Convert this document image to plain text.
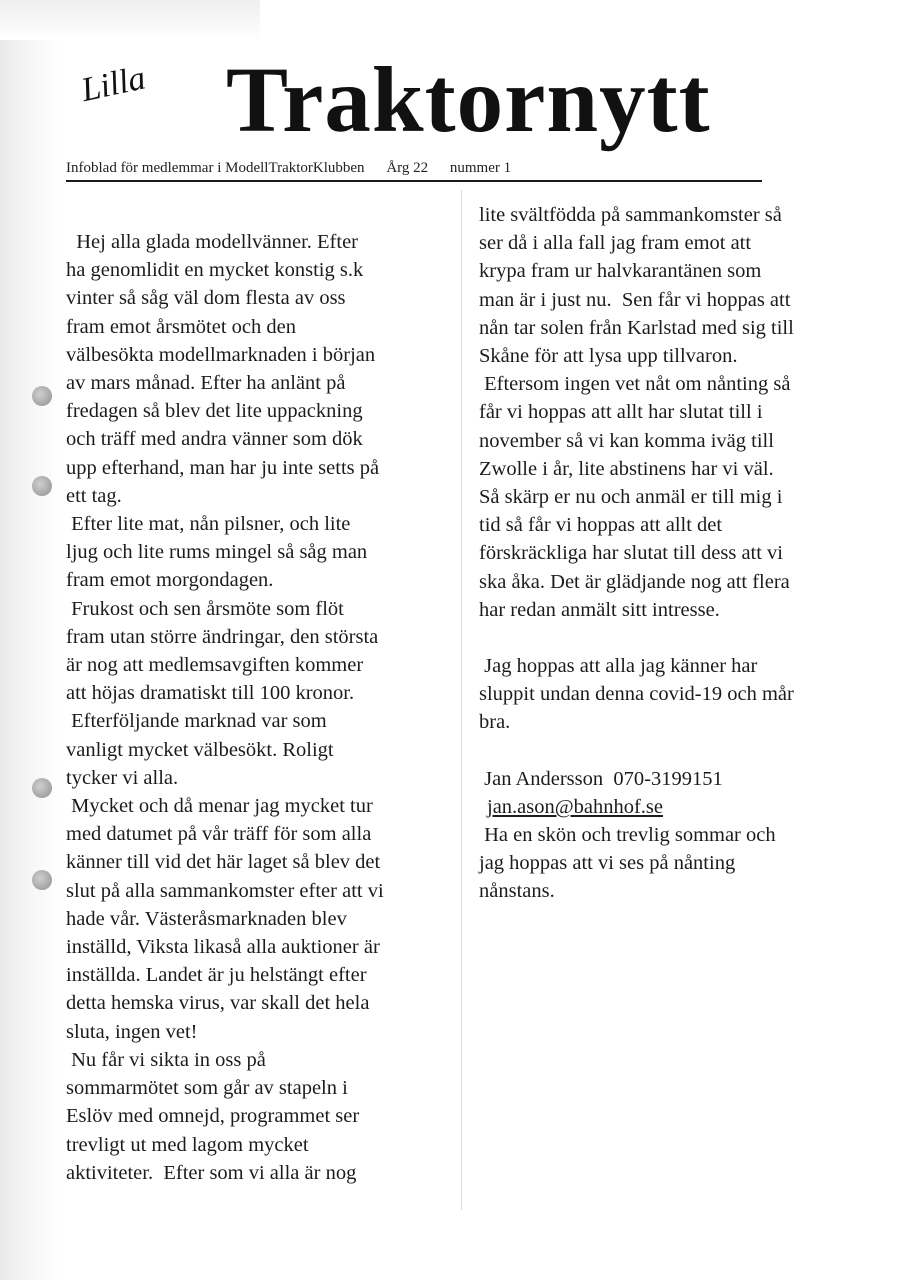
Lilla Traktornytt
Infoblad för medlemmar i ModellTraktorKlubben Årg 22 nummer 1

Hej alla glada modellvänner. Efter

ha genomlidit en mycket konstig s.k

vinter så såg väl dom flesta av oss

fram emot årsmötet och den

välbesökta modellmarknaden i början

av mars månad. Efter ha anlänt på

fredagen så blev det lite uppackning

och träff med andra vänner som dök

upp efterhand, man har ju inte setts på

ett tag.

Efter lite mat, nån pilsner, och lite

ljug och lite rums mingel så såg man

fram emot morgondagen.

Frukost och sen årsmöte som flöt

fram utan större ändringar, den största

är nog att medlemsavgiften kommer

att höjas dramatiskt till 100 kronor.

Efterföljande marknad var som

vanligt mycket välbesökt. Roligt

tycker vi alla.

Mycket och då menar jag mycket tur

med datumet på vår träff för som alla

känner till vid det här laget så blev det

slut på alla sammankomster efter att vi

hade vår. Västeråsmarknaden blev

inställd, Viksta likaså alla auktioner är

inställda. Landet är ju helstängt efter

detta hemska virus, var skall det hela

sluta, ingen vet!

Nu får vi sikta in oss på

sommarmötet som går av stapeln i

Eslöv med omnejd, programmet ser

trevligt ut med lagom mycket

aktiviteter.  Efter som vi alla är nog

lite svältfödda på sammankomster så

ser då i alla fall jag fram emot att

krypa fram ur halvkarantänen som

man är i just nu.  Sen får vi hoppas att

nån tar solen från Karlstad med sig till

Skåne för att lysa upp tillvaron.

Eftersom ingen vet nåt om nånting så

får vi hoppas att allt har slutat till i

november så vi kan komma iväg till

Zwolle i år, lite abstinens har vi väl.

Så skärp er nu och anmäl er till mig i

tid så får vi hoppas att allt det

förskräckliga har slutat till dess att vi

ska åka. Det är glädjande nog att flera

har redan anmält sitt intresse.

Jag hoppas att alla jag känner har

sluppit undan denna covid-19 och mår

bra.

Jan Andersson  070-3199151

jan.ason@bahnhof.se

Ha en skön och trevlig sommar och

jag hoppas att vi ses på nånting

nånstans.
